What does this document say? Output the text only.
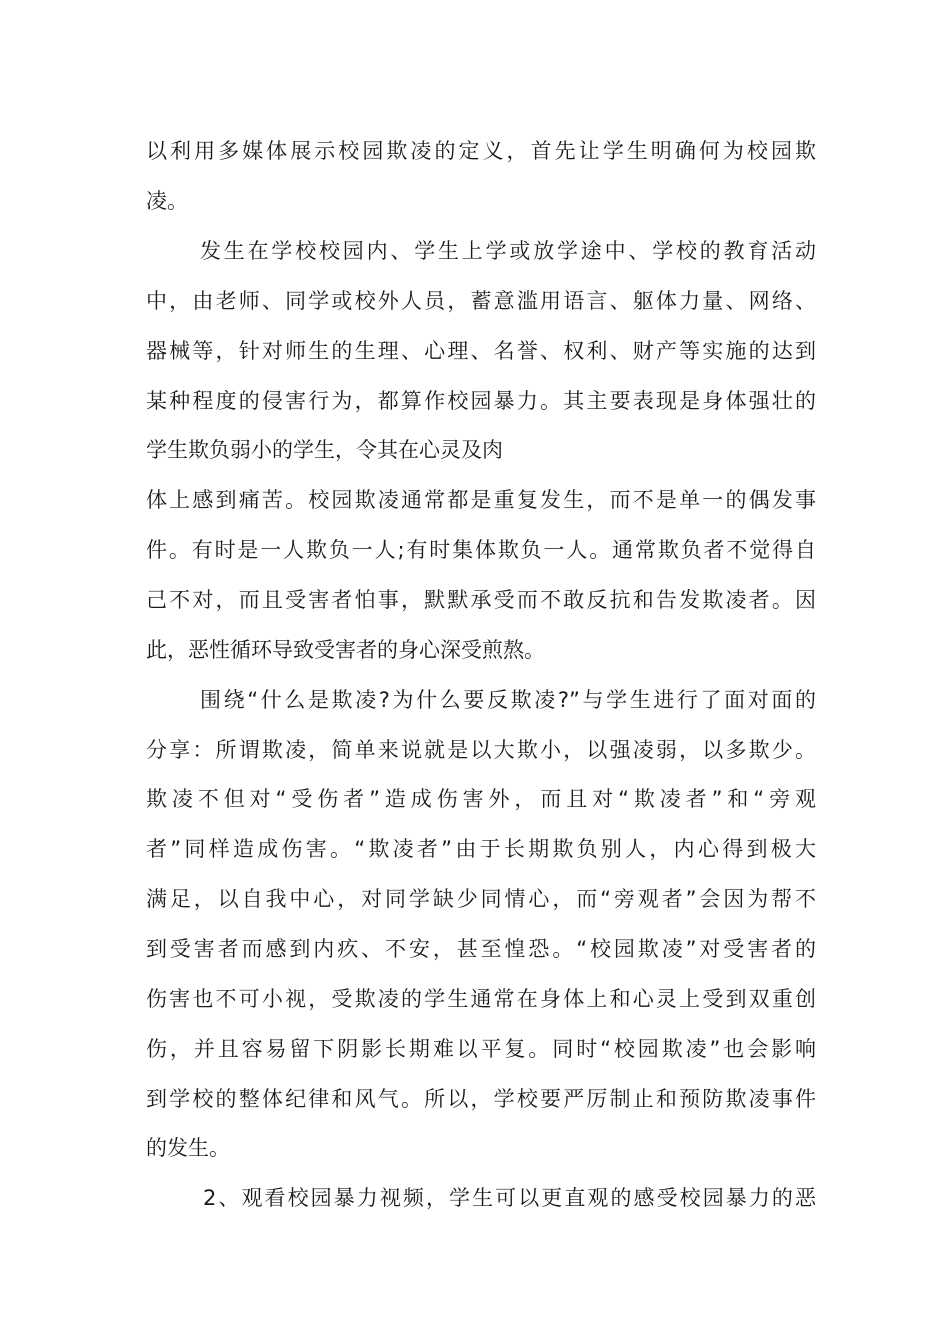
以利用多媒体展示校园欺凌的定义，首先让学生明确何为校园欺
凌。
发生在学校校园内、学生上学或放学途中、学校的教育活动
中，由老师、同学或校外人员，蓄意滥用语言、躯体力量、网络、
器械等，针对师生的生理、心理、名誉、权利、财产等实施的达到
某种程度的侵害行为，都算作校园暴力。其主要表现是身体强壮的
学生欺负弱小的学生，令其在心灵及肉
体上感到痛苦。校园欺凌通常都是重复发生，而不是单一的偶发事
件。有时是一人欺负一人;有时集体欺负一人。通常欺负者不觉得自
己不对，而且受害者怕事，默默承受而不敢反抗和告发欺凌者。因
此，恶性循环导致受害者的身心深受煎熬。
围绕“什么是欺凌?为什么要反欺凌?”与学生进行了面对面的
分享：所谓欺凌，简单来说就是以大欺小，以强凌弱，以多欺少。
欺凌不但对“受伤者”造成伤害外，而且对“欺凌者”和“旁观
者”同样造成伤害。“欺凌者”由于长期欺负别人，内心得到极大
满足，以自我中心，对同学缺少同情心，而“旁观者”会因为帮不
到受害者而感到内疚、不安，甚至惶恐。“校园欺凌”对受害者的
伤害也不可小视，受欺凌的学生通常在身体上和心灵上受到双重创
伤，并且容易留下阴影长期难以平复。同时“校园欺凌”也会影响
到学校的整体纪律和风气。所以，学校要严厉制止和预防欺凌事件
的发生。
2、观看校园暴力视频，学生可以更直观的感受校园暴力的恶
